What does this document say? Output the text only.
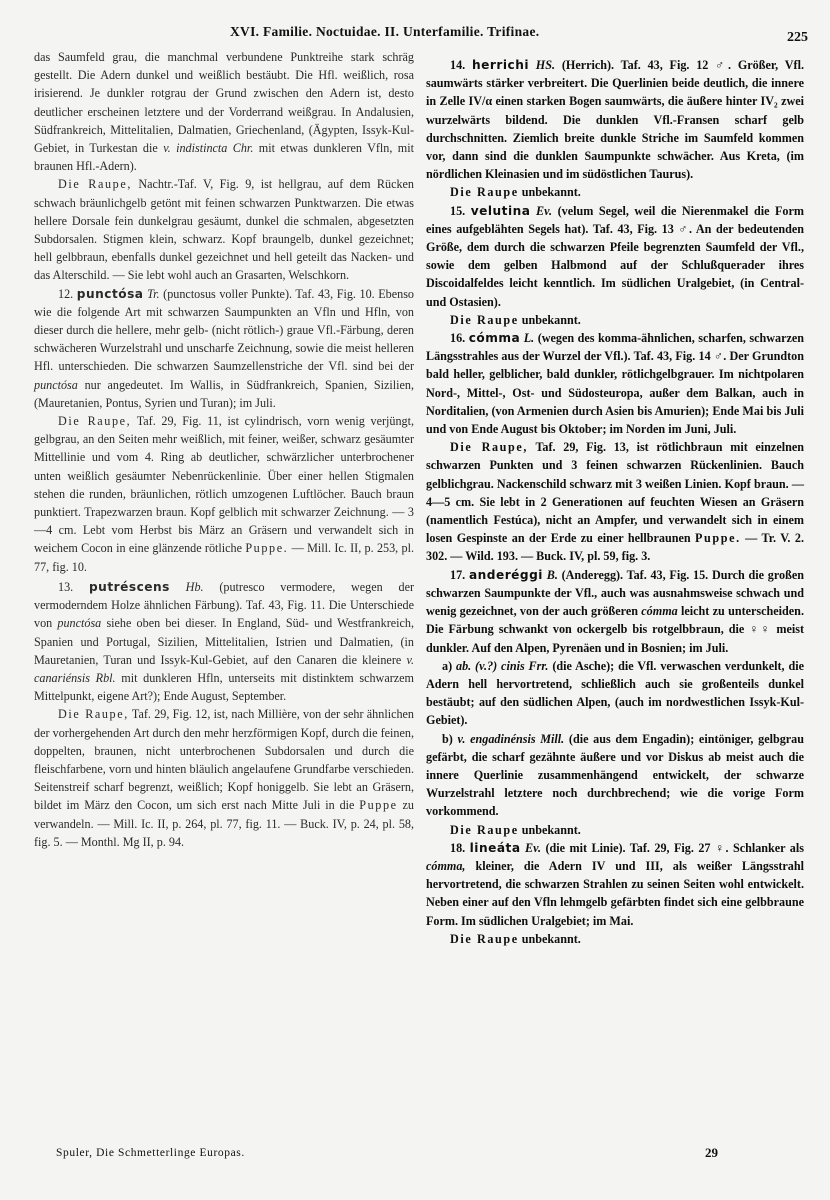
XVI. Familie. Noctuidae. II. Unterfamilie. Trifinae.	225

das Saumfeld grau, die manchmal verbundene Punktreihe stark schräg gestellt. Die Adern dunkel und weißlich bestäubt. Die Hfl. weißlich, rosa irisierend. Je dunkler rotgrau der Grund zwischen den Adern ist, desto deutlicher erscheinen letztere und der Vorderrand weißgrau. In Andalusien, Südfrankreich, Mittelitalien, Dalmatien, Griechenland, (Ägypten, Issyk-Kul-Gebiet, in Turkestan die v. indistincta Chr. mit etwas dunkleren Vfln, mit braunen Hfl.-Adern).

Die Raupe, Nachtr.-Taf. V, Fig. 9, ist hellgrau, auf dem Rücken schwach bräunlichgelb getönt mit feinen schwarzen Punktwarzen. Die etwas hellere Dorsale fein dunkelgrau gesäumt, dunkel die schmalen, abgesetzten Subdorsalen. Stigmen klein, schwarz. Kopf braungelb, dunkel gezeichnet; hell gelbbraun, ebenfalls dunkel gezeichnet und hell geteilt das Nacken- und das Alterschild. — Sie lebt wohl auch an Grasarten, Welschkorn.

12. punctósa Tr. (punctosus voller Punkte). Taf. 43, Fig. 10. Ebenso wie die folgende Art mit schwarzen Saumpunkten an Vfln und Hfln, von dieser durch die hellere, mehr gelb- (nicht rötlich-) graue Vfl.-Färbung, deren schwächeren Wurzelstrahl und unscharfe Zeichnung, sowie die meist helleren Hfl. unterschieden. Die schwarzen Saumzellenstriche der Vfl. sind bei der punctósa nur angedeutet. Im Wallis, in Südfrankreich, Spanien, Sizilien, (Mauretanien, Pontus, Syrien und Turan); im Juli.

Die Raupe, Taf. 29, Fig. 11, ist cylindrisch, vorn wenig verjüngt, gelbgrau, an den Seiten mehr weißlich, mit feiner, weißer, schwarz gesäumter Mittellinie und vom 4. Ring ab deutlicher, schwärzlicher unterbrochener unten weißlich gesäumter Nebenrückenlinie. Über einer hellen Stigmalen stehen die runden, bräunlichen, rötlich umzogenen Luftlöcher. Bauch braun punktiert. Trapezwarzen braun. Kopf gelblich mit schwarzer Zeichnung. — 3—4 cm. Lebt vom Herbst bis März an Gräsern und verwandelt sich in weichem Cocon in eine glänzende rötliche Puppe. — Mill. Ic. II, p. 253, pl. 77, fig. 10.

13. putréscens Hb. (putresco vermodere, wegen der vermoderndem Holze ähnlichen Färbung). Taf. 43, Fig. 11. Die Unterschiede von punctósa siehe oben bei dieser. In England, Süd- und Westfrankreich, Spanien und Portugal, Sizilien, Mittelitalien, Istrien und Dalmatien, (in Mauretanien, Turan und Issyk-Kul-Gebiet, auf den Canaren die kleinere v. canariénsis Rbl. mit dunkleren Hfln, unterseits mit distinktem schwarzem Mittelpunkt, eigene Art?); Ende August, September.

Die Raupe, Taf. 29, Fig. 12, ist, nach Millière, von der sehr ähnlichen der vorhergehenden Art durch den mehr herzförmigen Kopf, durch die feinen, doppelten, braunen, nicht unterbrochenen Subdorsalen und durch die fleischfarbene, vorn und hinten bläulich angelaufene Grundfarbe verschieden. Seitenstreif scharf begrenzt, weißlich; Kopf honiggelb. Sie lebt an Gräsern, bildet im März den Cocon, um sich erst nach Mitte Juli in die Puppe zu verwandeln. — Mill. Ic. II, p. 264, pl. 77, fig. 11. — Buck. IV, p. 24, pl. 58, fig. 5. — Monthl. Mg II, p. 94.

14. herrichi HS. (Herrich). Taf. 43, Fig. 12 ♂. Größer, Vfl. saumwärts stärker verbreitert. Die Querlinien beide deutlich, die innere in Zelle IV/α einen starken Bogen saumwärts, die äußere hinter IV₂ zwei wurzelwärts bildend. Die dunklen Vfl.-Fransen scharf gelb durchschnitten. Ziemlich breite dunkle Striche im Saumfeld kommen vor, dann sind die dunklen Saumpunkte schwächer. Aus Kreta, (im nördlichen Kleinasien und im südöstlichen Taurus).

Die Raupe unbekannt.

15. velutina Ev. (velum Segel, weil die Nierenmakel die Form eines aufgeblähten Segels hat). Taf. 43, Fig. 13 ♂. An der bedeutenden Größe, dem durch die schwarzen Pfeile begrenzten Saumfeld der Vfl., sowie dem gelben Halbmond auf der Schlußquerader ihres Discoidalfeldes leicht kenntlich. Im südlichen Uralgebiet, (in Central- und Ostasien).

Die Raupe unbekannt.

16. cómma L. (wegen des komma-ähnlichen, scharfen, schwarzen Längsstrahles aus der Wurzel der Vfl.). Taf. 43, Fig. 14 ♂. Der Grundton bald heller, gelblicher, bald dunkler, rötlichgelbgrauer. Im nichtpolaren Nord-, Mittel-, Ost- und Südosteuropa, außer dem Balkan, auch in Norditalien, (von Armenien durch Asien bis Amurien); Ende Mai bis Juli und von Ende August bis Oktober; im Norden im Juni, Juli.

Die Raupe, Taf. 29, Fig. 13, ist rötlichbraun mit einzelnen schwarzen Punkten und 3 feinen schwarzen Rückenlinien. Bauch gelblichgrau. Nackenschild schwarz mit 3 weißen Linien. Kopf braun. — 4—5 cm. Sie lebt in 2 Generationen auf feuchten Wiesen an Gräsern (namentlich Festúca), nicht an Ampfer, und verwandelt sich in einem losen Gespinste an der Erde zu einer hellbraunen Puppe. — Tr. V. 2. 302. — Wild. 193. — Buck. IV, pl. 59, fig. 3.

17. anderéggi B. (Anderegg). Taf. 43, Fig. 15. Durch die großen schwarzen Saumpunkte der Vfl., auch was ausnahmsweise schwach und wenig gezeichnet, von der auch größeren cómma leicht zu unterscheiden. Die Färbung schwankt von ockergelb bis rotgelbbraun, die ♀♀ meist dunkler. Auf den Alpen, Pyrenäen und in Bosnien; im Juli.

a) ab. (v.?) cinis Frr. (die Asche); die Vfl. verwaschen verdunkelt, die Adern hell hervortretend, schließlich auch sie großenteils dunkel bestäubt; auf den südlichen Alpen, (auch im nordwestlichen Issyk-Kul-Gebiet).

b) v. engadinénsis Mill. (die aus dem Engadin); eintöniger, gelbgrau gefärbt, die scharf gezähnte äußere und vor Diskus ab meist auch die innere Querlinie zusammenhängend entwickelt, der schwarze Wurzelstrahl letztere noch durchbrechend; wie die vorige Form vorkommend.

Die Raupe unbekannt.

18. lineáta Ev. (die mit Linie). Taf. 29, Fig. 27 ♀. Schlanker als cómma, kleiner, die Adern IV und III, als weißer Längsstrahl hervortretend, die schwarzen Strahlen zu seinen Seiten wohl entwickelt. Neben einer auf den Vfln lehmgelb gefärbten findet sich eine gelbbraune Form. Im südlichen Uralgebiet; im Mai.

Die Raupe unbekannt.

Spuler, Die Schmetterlinge Europas.	29
